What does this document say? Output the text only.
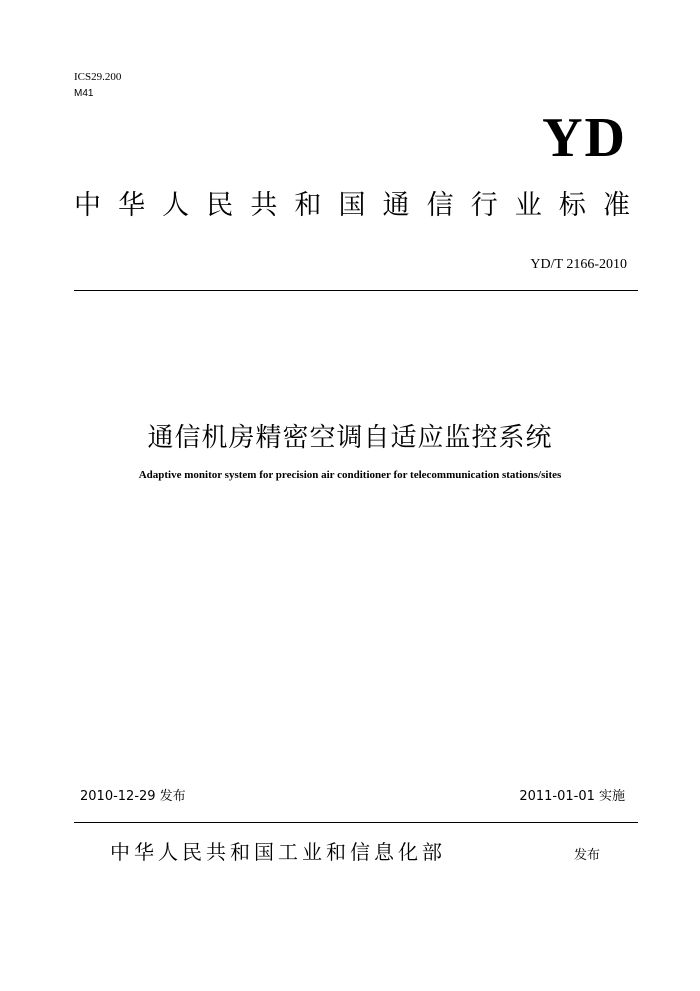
ICS29.200
M41
YD
中 华 人 民 共 和 国 通 信 行 业 标 准
YD/T 2166-2010
通信机房精密空调自适应监控系统
Adaptive monitor system for precision air conditioner for telecommunication stations/sites
2010-12-29 发布	2011-01-01 实施
中华人民共和国工业和信息化部	发布
